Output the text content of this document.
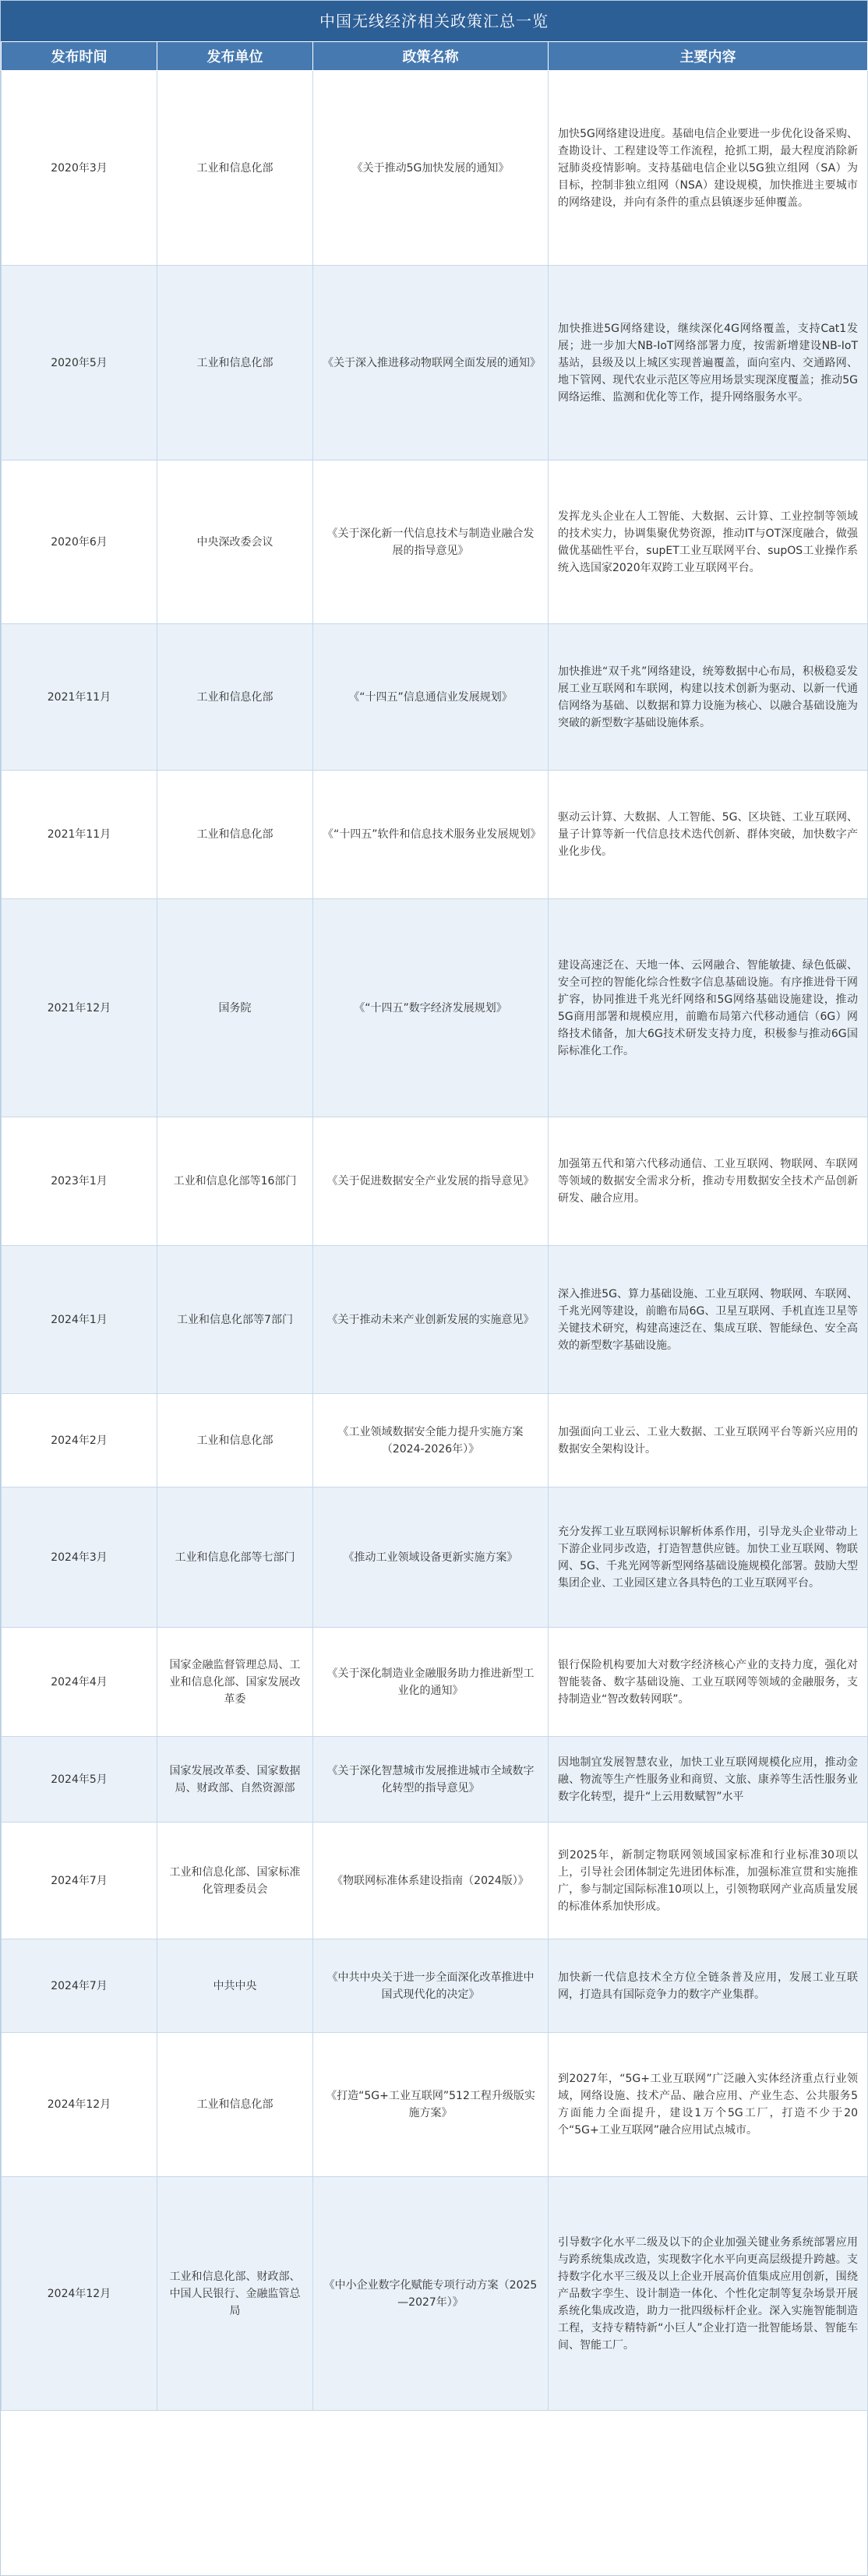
中国无线经济相关政策汇总一览
发布时间	发布单位	政策名称	主要内容
2020年3月	工业和信息化部	《关于推动5G加快发展的通知》	加快5G网络建设进度。基础电信企业要进一步优化设备采购、查勘设计、工程建设等工作流程，抢抓工期，最大程度消除新冠肺炎疫情影响。支持基础电信企业以5G独立组网（SA）为目标，控制非独立组网（NSA）建设规模，加快推进主要城市的网络建设，并向有条件的重点县镇逐步延伸覆盖。
2020年5月	工业和信息化部	《关于深入推进移动物联网全面发展的通知》	加快推进5G网络建设，继续深化4G网络覆盖，支持Cat1发展；进一步加大NB-IoT网络部署力度，按需新增建设NB-IoT基站，县级及以上城区实现普遍覆盖，面向室内、交通路网、地下管网、现代农业示范区等应用场景实现深度覆盖；推动5G网络运维、监测和优化等工作，提升网络服务水平。
2020年6月	中央深改委会议	《关于深化新一代信息技术与制造业融合发展的指导意见》	发挥龙头企业在人工智能、大数据、云计算、工业控制等领域的技术实力，协调集聚优势资源，推动IT与OT深度融合，做强做优基础性平台，supET工业互联网平台、supOS工业操作系统入选国家2020年双跨工业互联网平台。
2021年11月	工业和信息化部	《“十四五”信息通信业发展规划》	加快推进“双千兆”网络建设，统筹数据中心布局，积极稳妥发展工业互联网和车联网，构建以技术创新为驱动、以新一代通信网络为基础、以数据和算力设施为核心、以融合基础设施为突破的新型数字基础设施体系。
2021年11月	工业和信息化部	《“十四五”软件和信息技术服务业发展规划》	驱动云计算、大数据、人工智能、5G、区块链、工业互联网、量子计算等新一代信息技术迭代创新、群体突破，加快数字产业化步伐。
2021年12月	国务院	《“十四五”数字经济发展规划》	建设高速泛在、天地一体、云网融合、智能敏捷、绿色低碳、安全可控的智能化综合性数字信息基础设施。有序推进骨干网扩容，协同推进千兆光纤网络和5G网络基础设施建设，推动5G商用部署和规模应用，前瞻布局第六代移动通信（6G）网络技术储备，加大6G技术研发支持力度，积极参与推动6G国际标准化工作。
2023年1月	工业和信息化部等16部门	《关于促进数据安全产业发展的指导意见》	加强第五代和第六代移动通信、工业互联网、物联网、车联网等领域的数据安全需求分析，推动专用数据安全技术产品创新研发、融合应用。
2024年1月	工业和信息化部等7部门	《关于推动未来产业创新发展的实施意见》	深入推进5G、算力基础设施、工业互联网、物联网、车联网、千兆光网等建设，前瞻布局6G、卫星互联网、手机直连卫星等关键技术研究，构建高速泛在、集成互联、智能绿色、安全高效的新型数字基础设施。
2024年2月	工业和信息化部	《工业领域数据安全能力提升实施方案（2024-2026年）》	加强面向工业云、工业大数据、工业互联网平台等新兴应用的数据安全架构设计。
2024年3月	工业和信息化部等七部门	《推动工业领域设备更新实施方案》	充分发挥工业互联网标识解析体系作用，引导龙头企业带动上下游企业同步改造，打造智慧供应链。加快工业互联网、物联网、5G、千兆光网等新型网络基础设施规模化部署。鼓励大型集团企业、工业园区建立各具特色的工业互联网平台。
2024年4月	国家金融监督管理总局、工业和信息化部、国家发展改革委	《关于深化制造业金融服务助力推进新型工业化的通知》	银行保险机构要加大对数字经济核心产业的支持力度，强化对智能装备、数字基础设施、工业互联网等领域的金融服务，支持制造业“智改数转网联”。
2024年5月	国家发展改革委、国家数据局、财政部、自然资源部	《关于深化智慧城市发展推进城市全域数字化转型的指导意见》	因地制宜发展智慧农业，加快工业互联网规模化应用，推动金融、物流等生产性服务业和商贸、文旅、康养等生活性服务业数字化转型，提升“上云用数赋智”水平
2024年7月	工业和信息化部、国家标准化管理委员会	《物联网标准体系建设指南（2024版）》	到2025年，新制定物联网领域国家标准和行业标准30项以上，引导社会团体制定先进团体标准，加强标准宣贯和实施推广，参与制定国际标准10项以上，引领物联网产业高质量发展的标准体系加快形成。
2024年7月	中共中央	《中共中央关于进一步全面深化改革推进中国式现代化的决定》	加快新一代信息技术全方位全链条普及应用，发展工业互联网，打造具有国际竞争力的数字产业集群。
2024年12月	工业和信息化部	《打造“5G+工业互联网”512工程升级版实施方案》	到2027年，“5G+工业互联网”广泛融入实体经济重点行业领域，网络设施、技术产品、融合应用、产业生态、公共服务5方面能力全面提升，建设1万个5G工厂，打造不少于20个“5G+工业互联网”融合应用试点城市。
2024年12月	工业和信息化部、财政部、中国人民银行、金融监管总局	《中小企业数字化赋能专项行动方案（2025—2027年）》	引导数字化水平二级及以下的企业加强关键业务系统部署应用与跨系统集成改造，实现数字化水平向更高层级提升跨越。支持数字化水平三级及以上企业开展高价值集成应用创新，围绕产品数字孪生、设计制造一体化、个性化定制等复杂场景开展系统化集成改造，助力一批四级标杆企业。深入实施智能制造工程，支持专精特新“小巨人”企业打造一批智能场景、智能车间、智能工厂。
